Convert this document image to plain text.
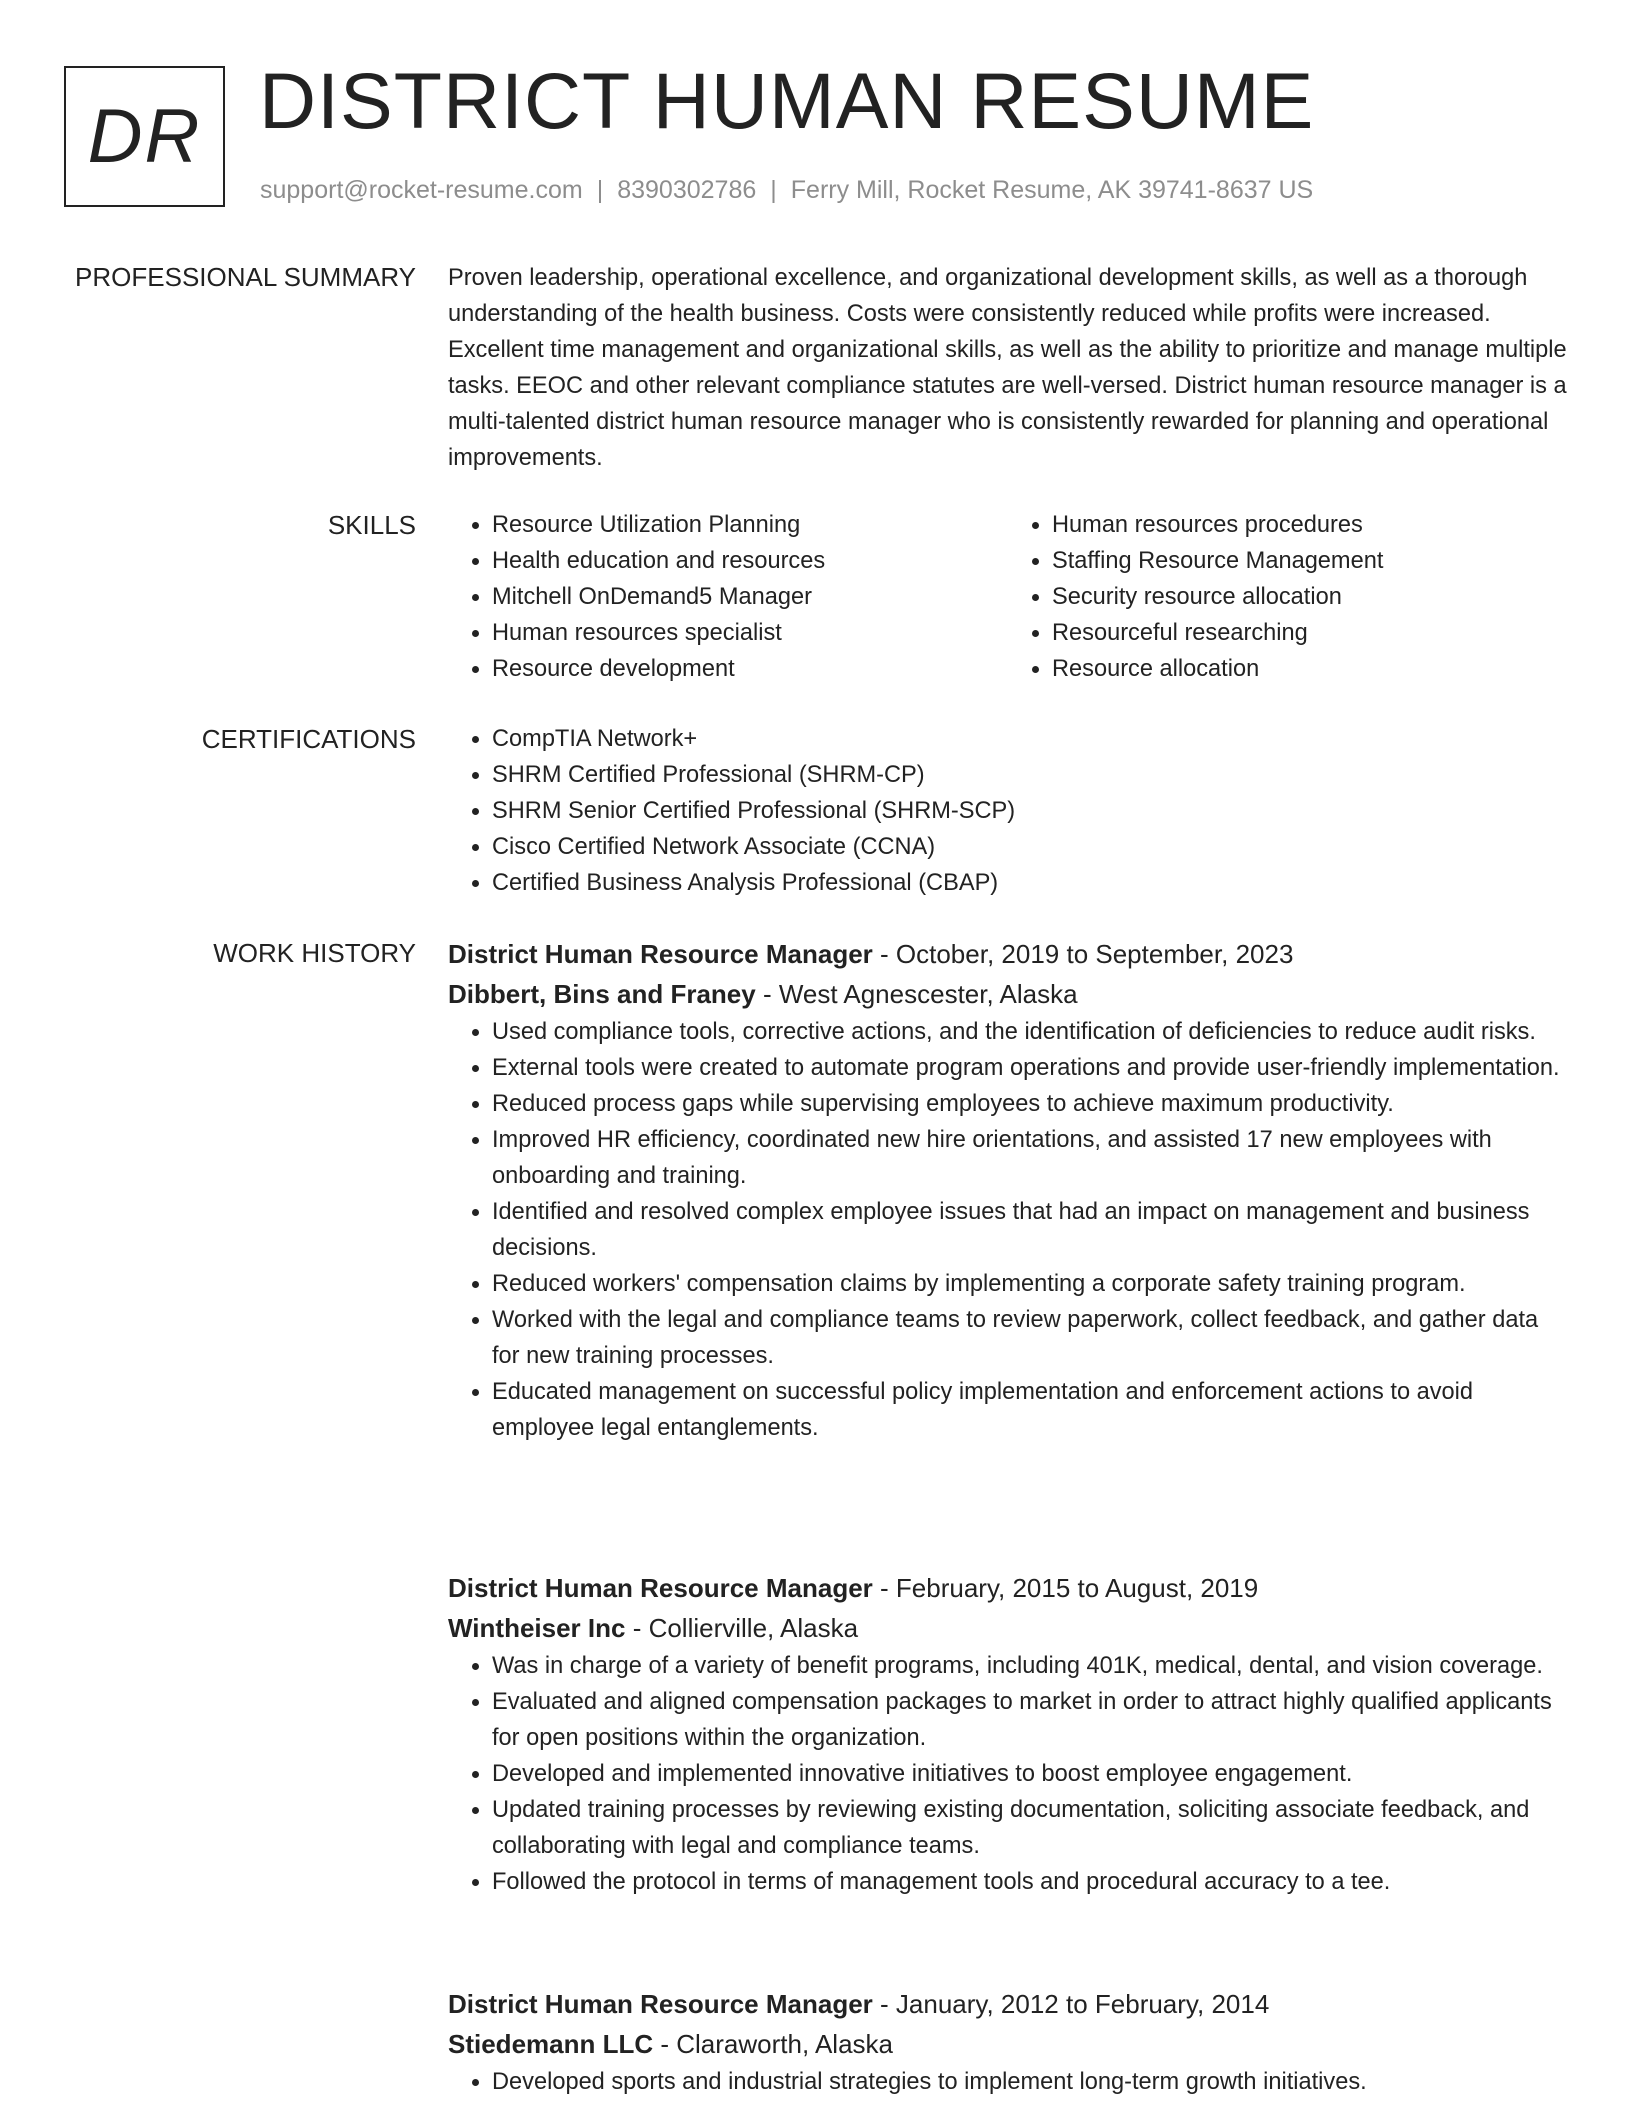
DR DISTRICT HUMAN RESUME
support@rocket-resume.com | 8390302786 | Ferry Mill, Rocket Resume, AK 39741-8637 US
PROFESSIONAL SUMMARY Proven leadership, operational excellence, and organizational development skills, as well as a thorough understanding of the health business. Costs were consistently reduced while profits were increased. Excellent time management and organizational skills, as well as the ability to prioritize and manage multiple tasks. EEOC and other relevant compliance statutes are well-versed. District human resource manager is a multi-talented district human resource manager who is consistently rewarded for planning and operational improvements.

SKILLS	• Resource Utilization Planning
• Health education and resources
• Mitchell OnDemand5 Manager
• Human resources specialist
• Resource development
• Human resources procedures
• Staffing Resource Management
• Security resource allocation
• Resourceful researching
• Resource allocation
CERTIFICATIONS	• CompTIA Network+
• SHRM Certified Professional (SHRM-CP)
• SHRM Senior Certified Professional (SHRM-SCP)
• Cisco Certified Network Associate (CCNA)
• Certified Business Analysis Professional (CBAP)
WORK HISTORY District Human Resource Manager - October, 2019 to September, 2023
Dibbert, Bins and Franey - West Agnescester, Alaska
• Used compliance tools, corrective actions, and the identification of deficiencies to reduce audit risks.
• External tools were created to automate program operations and provide user-friendly implementation.
• Reduced process gaps while supervising employees to achieve maximum productivity.
• Improved HR efficiency, coordinated new hire orientations, and assisted 17 new employees with onboarding and training.
• Identified and resolved complex employee issues that had an impact on management and business decisions.
• Reduced workers' compensation claims by implementing a corporate safety training program.
• Worked with the legal and compliance teams to review paperwork, collect feedback, and gather data for new training processes.
• Educated management on successful policy implementation and enforcement actions to avoid employee legal entanglements.
District Human Resource Manager - February, 2015 to August, 2019
Wintheiser Inc - Collierville, Alaska
• Was in charge of a variety of benefit programs, including 401K, medical, dental, and vision coverage.
• Evaluated and aligned compensation packages to market in order to attract highly qualified applicants for open positions within the organization.
• Developed and implemented innovative initiatives to boost employee engagement.
• Updated training processes by reviewing existing documentation, soliciting associate feedback, and collaborating with legal and compliance teams.
• Followed the protocol in terms of management tools and procedural accuracy to a tee.
District Human Resource Manager - January, 2012 to February, 2014
Stiedemann LLC - Claraworth, Alaska
• Developed sports and industrial strategies to implement long-term growth initiatives.
